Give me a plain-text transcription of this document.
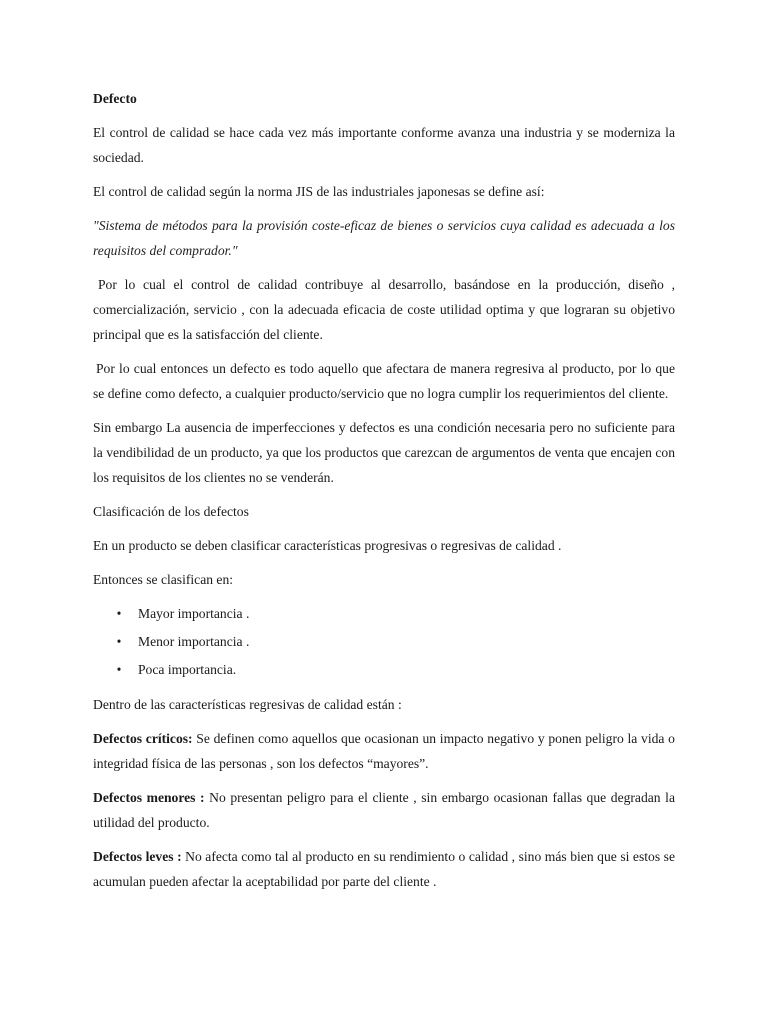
Defecto

El control de calidad se hace cada vez más importante conforme avanza una industria y se moderniza la sociedad.

El control de calidad según la norma JIS de las industriales japonesas se define así:

"Sistema de métodos para la provisión coste-eficaz de bienes o servicios cuya calidad es adecuada a los requisitos del comprador."

Por lo cual el control de calidad contribuye al desarrollo, basándose en la producción, diseño , comercialización, servicio , con la adecuada eficacia de coste utilidad optima y que lograran su objetivo principal que es la satisfacción del cliente.

Por lo cual entonces un defecto es todo aquello que afectara de manera regresiva al producto, por lo que se define como defecto, a cualquier producto/servicio que no logra cumplir los requerimientos del cliente.

Sin embargo La ausencia de imperfecciones y defectos es una condición necesaria pero no suficiente para la vendibilidad de un producto, ya que los productos que carezcan de argumentos de venta que encajen con los requisitos de los clientes no se venderán.

Clasificación de los defectos

En un producto se deben clasificar características progresivas o regresivas de calidad .

Entonces se clasifican en:

• Mayor importancia .
• Menor importancia .
• Poca importancia.

Dentro de las características regresivas de calidad están :

Defectos críticos: Se definen como aquellos que ocasionan un impacto negativo y ponen peligro la vida o integridad física de las personas , son los defectos “mayores”.

Defectos menores : No presentan peligro para el cliente , sin embargo ocasionan fallas que degradan la utilidad del producto.

Defectos leves : No afecta como tal al producto en su rendimiento o calidad , sino más bien que si estos se acumulan pueden afectar la aceptabilidad por parte del cliente .
